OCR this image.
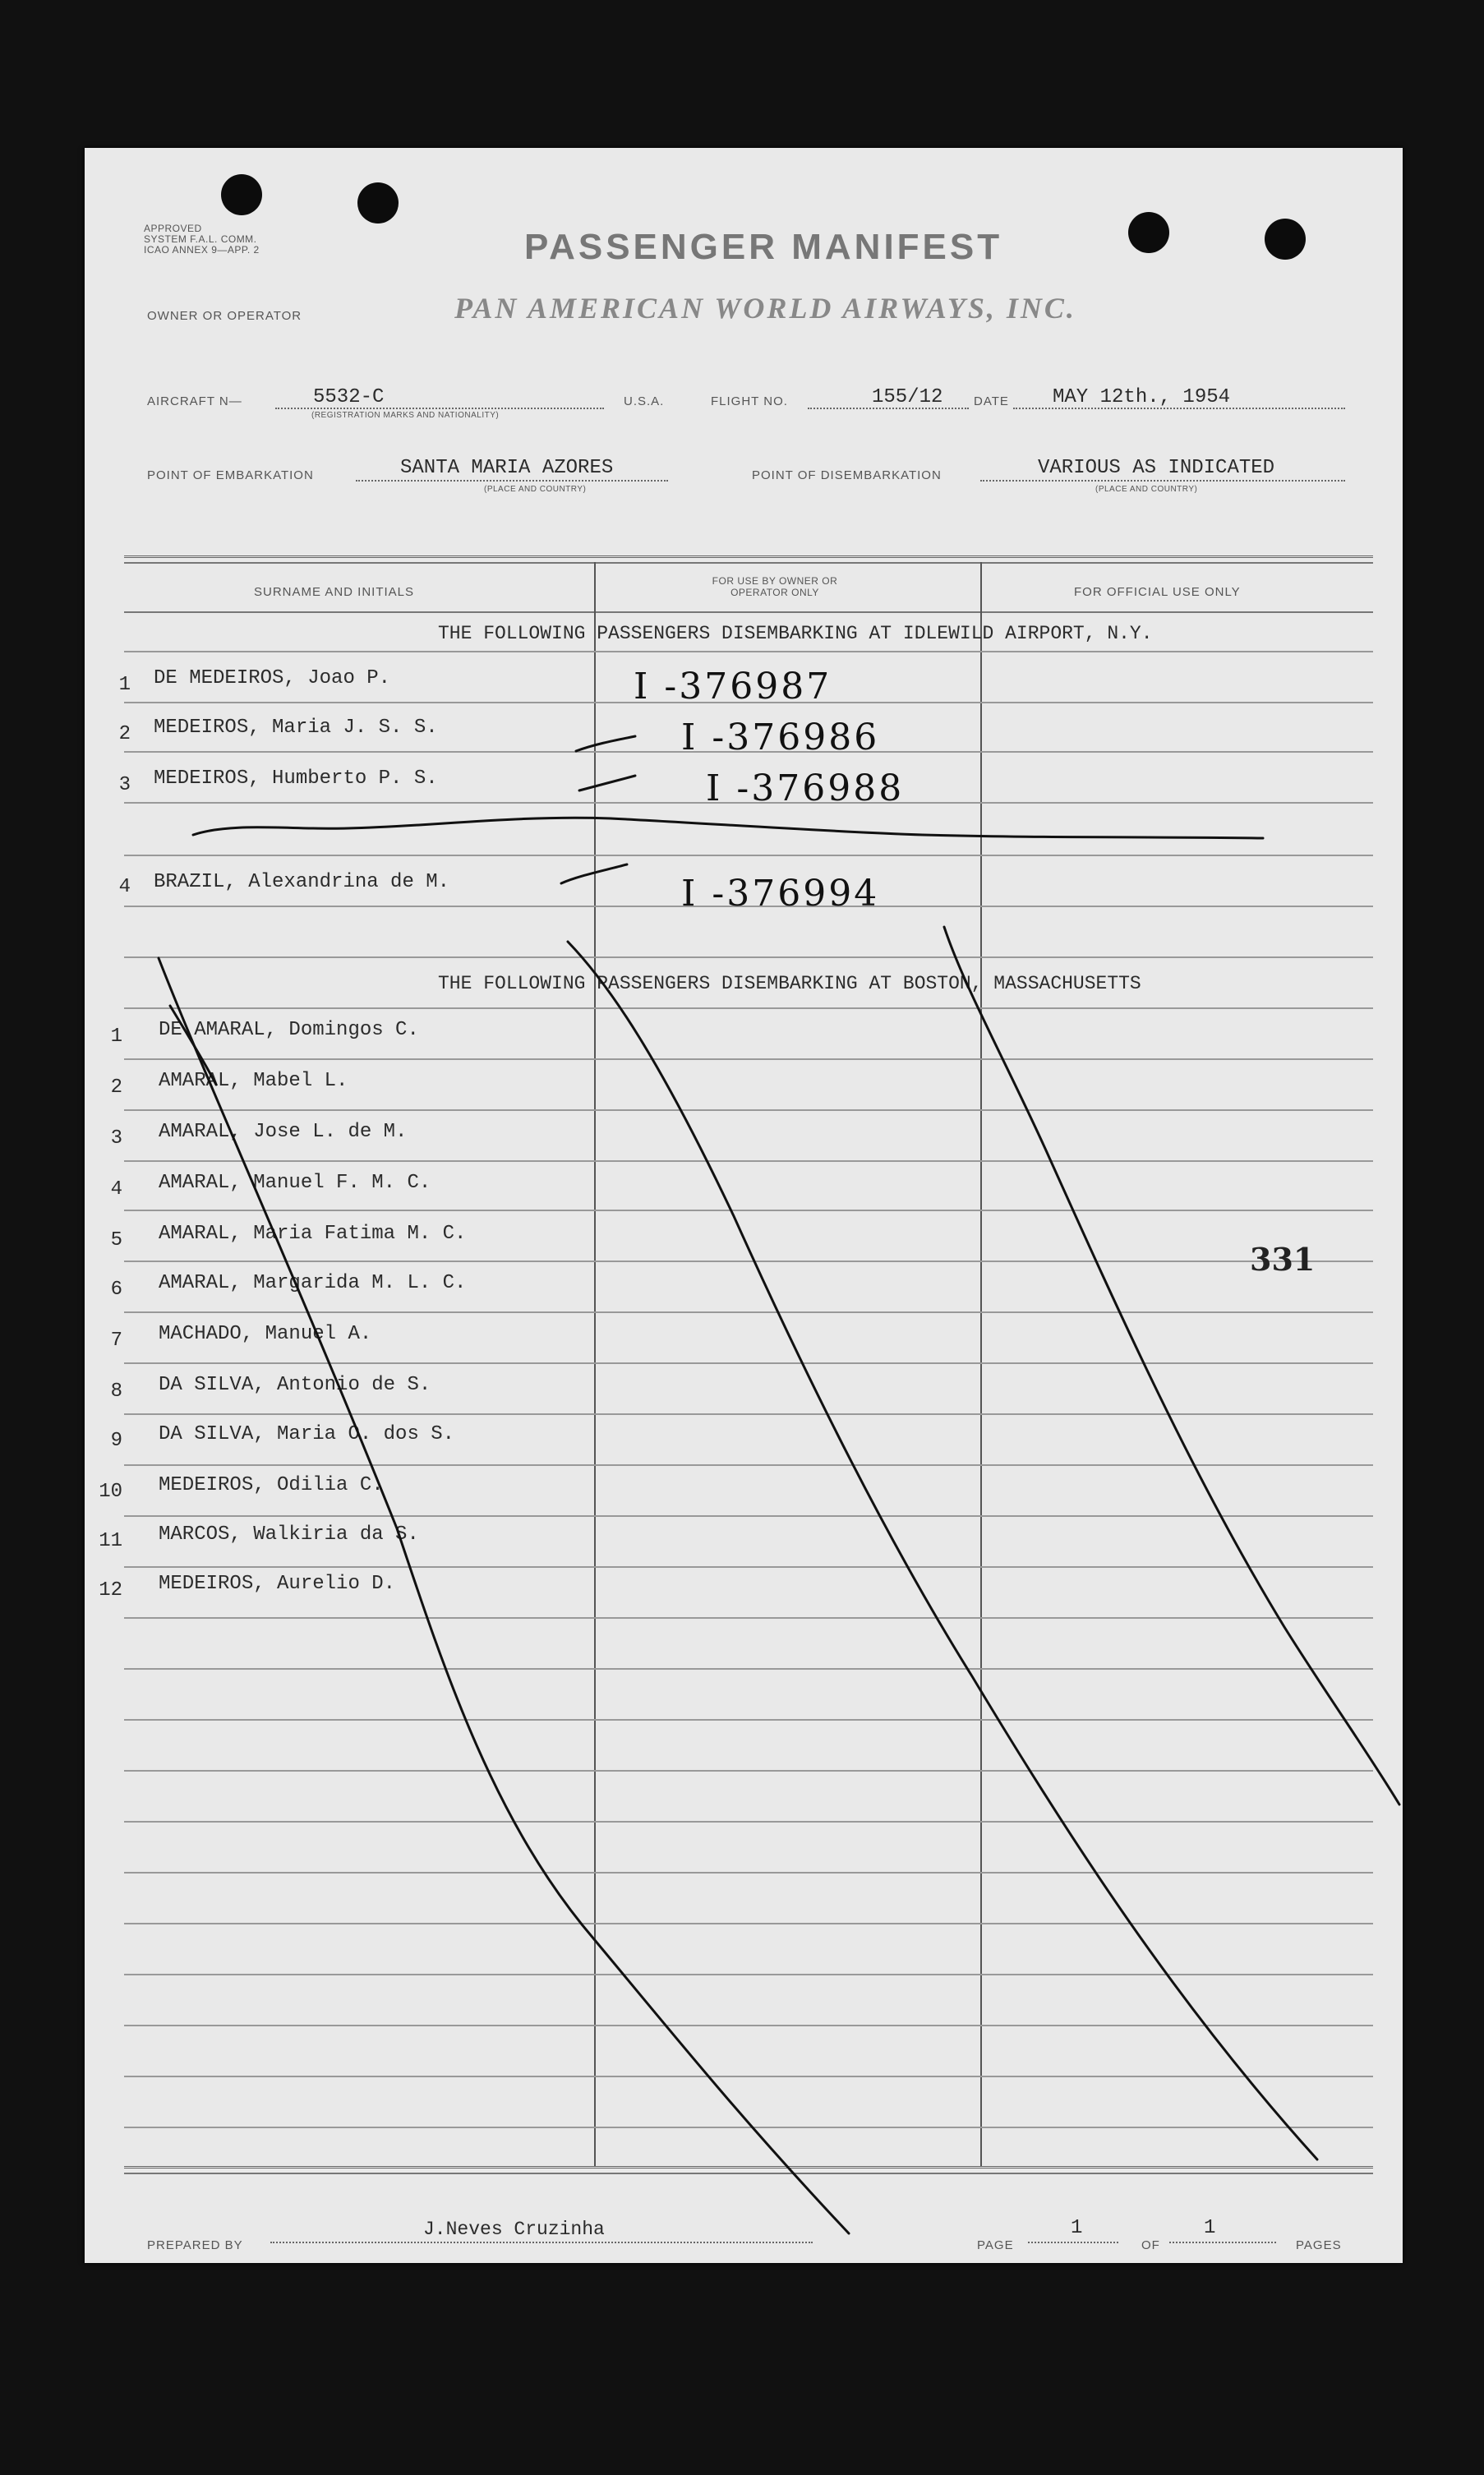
APPROVED
SYSTEM F.A.L. COMM.
ICAO ANNEX 9—APP. 2	PASSENGER MANIFEST
OWNER OR OPERATOR	PAN AMERICAN WORLD AIRWAYS, INC.
AIRCRAFT N—	5532-C
(REGISTRATION MARKS AND NATIONALITY)
U.S.A.	FLIGHT NO.	155/12	DATE MAY 12th., 1954
POINT OF EMBARKATION	SANTA MARIA AZORES
(PLACE AND COUNTRY)
POINT OF DISEMBARKATION	VARIOUS AS INDICATED
(PLACE AND COUNTRY)
SURNAME AND INITIALS
FOR USE BY OWNER OR OPERATOR ONLY	FOR OFFICIAL USE ONLY
THE FOLLOWING PASSENGERS DISEMBARKING AT IDLEWILD AIRPORT, N.Y.
1 DE MEDEIROS, Joao P.	I -376987
2 MEDEIROS, Maria J. S. S.	I -376986
3 MEDEIROS, Humberto P. S.	I -376988
4 BRAZIL, Alexandrina de M.	I -376994
THE FOLLOWING PASSENGERS DISEMBARKING AT BOSTON, MASSACHUSETTS
1 DE AMARAL, Domingos C.
2 AMARAL, Mabel L.
3 AMARAL, Jose L. de M.
4 AMARAL, Manuel F. M. C.
5 AMARAL, Maria Fatima M. C.
6 AMARAL, Margarida M. L. C.
7 MACHADO, Manuel A.
8 DA SILVA, Antonio de S.
9 DA SILVA, Maria O. dos S.
10 MEDEIROS, Odilia C.
11 MARCOS, Walkiria da S.
12 MEDEIROS, Aurelio D.
331
PREPARED BY
J.Neves Cruzinha
PAGE
1
OF
1
PAGES
